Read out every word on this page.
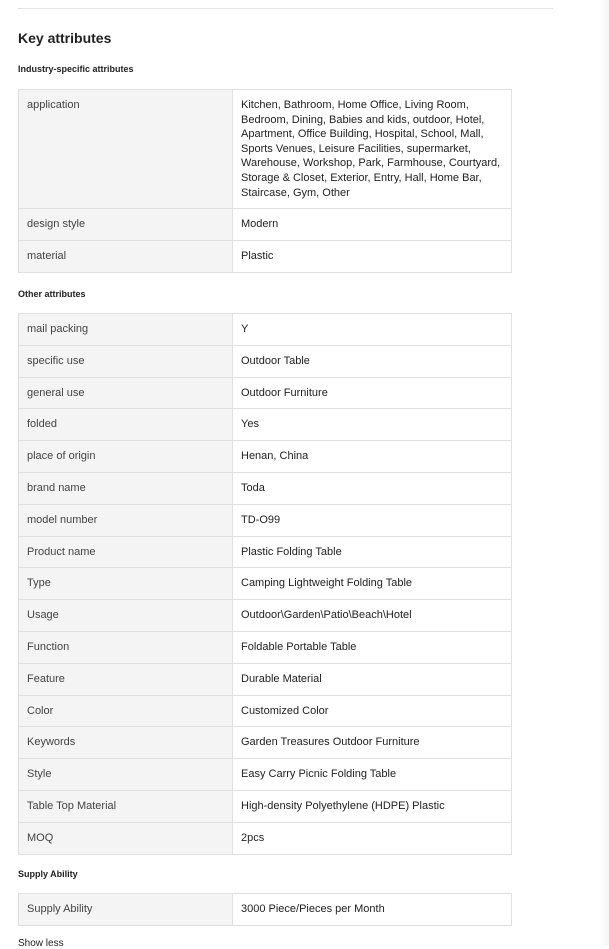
Key attributes
Industry-specific attributes
application	Kitchen, Bathroom, Home Office, Living Room, Bedroom, Dining, Babies and kids, outdoor, Hotel, Apartment, Office Building, Hospital, School, Mall, Sports Venues, Leisure Facilities, supermarket, Warehouse, Workshop, Park, Farmhouse, Courtyard, Storage & Closet, Exterior, Entry, Hall, Home Bar, Staircase, Gym, Other
design style	Modern
material	Plastic
Other attributes
mail packing	Y
specific use	Outdoor Table
general use	Outdoor Furniture
folded	Yes
place of origin	Henan, China
brand name	Toda
model number	TD-O99
Product name	Plastic Folding Table
Type	Camping Lightweight Folding Table
Usage	Outdoor\Garden\Patio\Beach\Hotel
Function	Foldable Portable Table
Feature	Durable Material
Color	Customized Color
Keywords	Garden Treasures Outdoor Furniture
Style	Easy Carry Picnic Folding Table
Table Top Material	High-density Polyethylene (HDPE) Plastic
MOQ	2pcs
Supply Ability
Supply Ability	3000 Piece/Pieces per Month
Show less
